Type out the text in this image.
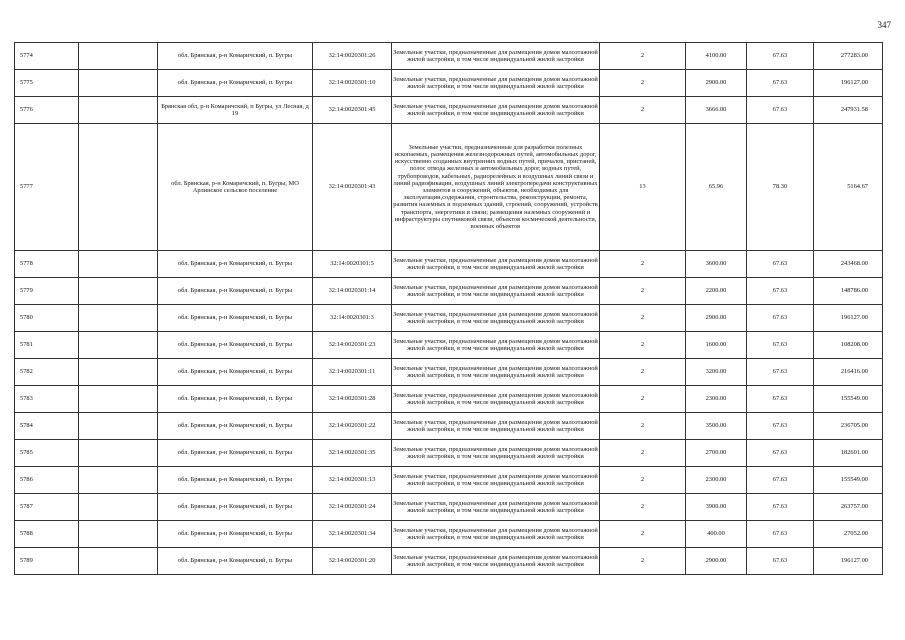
347
5774		обл. Брянская, р-н Комаричский, п. Бугры	32:14:0020301:26	Земельные участки, предназначенные для размещения домов малоэтажной жилой застройки, в том числе индивидуальной жилой застройки	2	4100.00	67.63	277283.00
5775		обл. Брянская, р-н Комаричский, п. Бугры	32:14:0020301:10	Земельные участки, предназначенные для размещения домов малоэтажной жилой застройки, в том числе индивидуальной жилой застройки	2	2900.00	67.63	196127.00
5776		Брянская обл, р-н Комаричский, п Бугры, ул Лесная, д 19	32:14:0020301:45	Земельные участки, предназначенные для размещения домов малоэтажной жилой застройки, в том числе индивидуальной жилой застройки	2	3666.00	67.63	247931.58
5777		обл. Брянская, р-н Комаричский, п. Бугры, МО Арлинское сельское поселение	32:14:0020301:43	Земельные участки, предназначенные для разработки полезных ископаемых, размещения железнодорожных путей, автомобильных дорог, искусственно созданных внутренних водных путей, причалов, пристаней, полос отвода железных и автомобильных дорог, водных путей, трубопроводов, кабельных, радиорелейных и воздушных линий связи и линий радиофикации, воздушных линий электропередачи конструктивных элементов и сооружений, объектов, необходимых для эксплуатации,содержания, строительства, реконструкции, ремонта, развития наземных и подземных зданий, строений, сооружений, устройств транспорта, энергетики и связи; размещения наземных сооружений и инфраструктуры спутниковой связи, объектов космической деятельности, военных объектов	13	65.96	78.30	5164.67
5778		обл. Брянская, р-н Комаричский, п. Бугры	32:14:0020301:5	Земельные участки, предназначенные для размещения домов малоэтажной жилой застройки, в том числе индивидуальной жилой застройки	2	3600.00	67.63	243468.00
5779		обл. Брянская, р-н Комаричский, п. Бугры	32:14:0020301:14	Земельные участки, предназначенные для размещения домов малоэтажной жилой застройки, в том числе индивидуальной жилой застройки	2	2200.00	67.63	148786.00
5780		обл. Брянская, р-н Комаричский, п. Бугры	32:14:0020301:3	Земельные участки, предназначенные для размещения домов малоэтажной жилой застройки, в том числе индивидуальной жилой застройки	2	2900.00	67.63	196127.00
5781		обл. Брянская, р-н Комаричский, п. Бугры	32:14:0020301:23	Земельные участки, предназначенные для размещения домов малоэтажной жилой застройки, в том числе индивидуальной жилой застройки	2	1600.00	67.63	108208.00
5782		обл. Брянская, р-н Комаричский, п. Бугры	32:14:0020301:11	Земельные участки, предназначенные для размещения домов малоэтажной жилой застройки, в том числе индивидуальной жилой застройки	2	3200.00	67.63	216416.00
5783		обл. Брянская, р-н Комаричский, п. Бугры	32:14:0020301:28	Земельные участки, предназначенные для размещения домов малоэтажной жилой застройки, в том числе индивидуальной жилой застройки	2	2300.00	67.63	155549.00
5784		обл. Брянская, р-н Комаричский, п. Бугры	32:14:0020301:22	Земельные участки, предназначенные для размещения домов малоэтажной жилой застройки, в том числе индивидуальной жилой застройки	2	3500.00	67.63	236705.00
5785		обл. Брянская, р-н Комаричский, п. Бугры	32:14:0020301:35	Земельные участки, предназначенные для размещения домов малоэтажной жилой застройки, в том числе индивидуальной жилой застройки	2	2700.00	67.63	182601.00
5786		обл. Брянская, р-н Комаричский, п. Бугры	32:14:0020301:13	Земельные участки, предназначенные для размещения домов малоэтажной жилой застройки, в том числе индивидуальной жилой застройки	2	2300.00	67.63	155549.00
5787		обл. Брянская, р-н Комаричский, п. Бугры	32:14:0020301:24	Земельные участки, предназначенные для размещения домов малоэтажной жилой застройки, в том числе индивидуальной жилой застройки	2	3900.00	67.63	263757.00
5788		обл. Брянская, р-н Комаричский, п. Бугры	32:14:0020301:34	Земельные участки, предназначенные для размещения домов малоэтажной жилой застройки, в том числе индивидуальной жилой застройки	2	400.00	67.63	27052.00
5789		обл. Брянская, р-н Комаричский, п. Бугры	32:14:0020301:20	Земельные участки, предназначенные для размещения домов малоэтажной жилой застройки, в том числе индивидуальной жилой застройки	2	2900.00	67.63	196127.00
